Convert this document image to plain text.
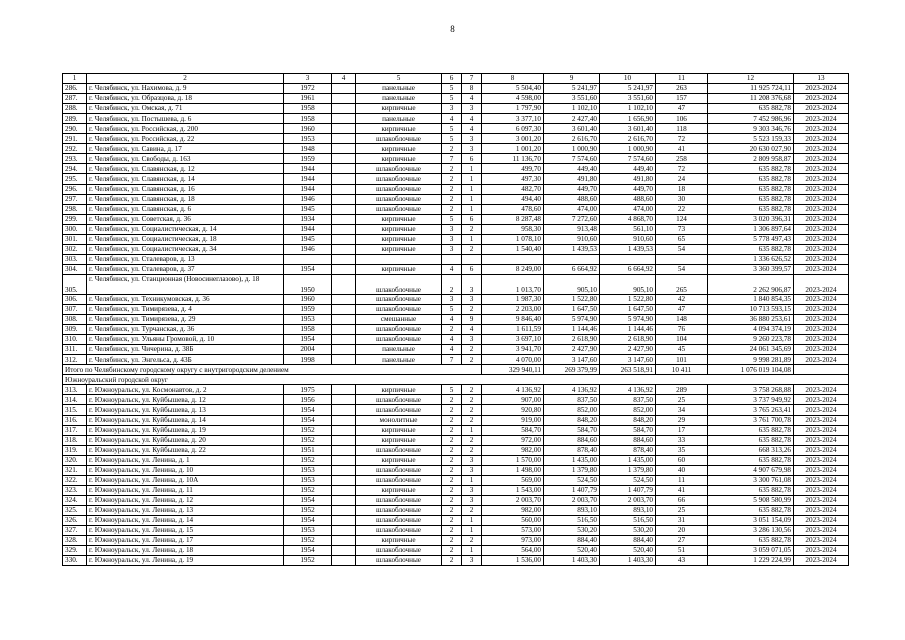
8
1	2	3	4	5	6	7	8	9	10	11	12	13
286.	г. Челябинск, ул. Нахимова, д. 9	1972		панельные	5	8	5 504,40	5 241,97	5 241,97	263	11 925 724,11	2023-2024
287.	г. Челябинск, ул. Образцова, д. 18	1961		панельные	5	4	4 598,00	3 551,60	3 551,60	157	11 208 376,68	2023-2024
288.	г. Челябинск, ул. Омская, д. 71	1958		кирпичные	3	3	1 797,90	1 102,10	1 102,10	47	635 882,78	2023-2024
289.	г. Челябинск, ул. Постышева, д. 6	1958		панельные	4	4	3 377,10	2 427,40	1 656,90	106	7 452 986,96	2023-2024
290.	г. Челябинск, ул. Российская, д. 200	1960		кирпичные	5	4	6 097,30	3 601,40	3 601,40	118	9 303 346,76	2023-2024
291.	г. Челябинск, ул. Российская, д. 22	1953		шлакоблочные	5	3	3 001,20	2 616,70	2 616,70	72	5 523 159,33	2023-2024
292.	г. Челябинск, ул. Савина, д. 17	1948		кирпичные	2	3	1 001,20	1 000,90	1 000,90	41	20 630 027,90	2023-2024
293.	г. Челябинск, ул. Свободы, д. 163	1959		кирпичные	7	6	11 136,70	7 574,60	7 574,60	258	2 809 958,87	2023-2024
294.	г. Челябинск, ул. Славянская, д. 12	1944		шлакоблочные	2	1	499,70	449,40	449,40	72	635 882,78	2023-2024
295.	г. Челябинск, ул. Славянская, д. 14	1944		шлакоблочные	2	1	497,30	491,80	491,80	24	635 882,78	2023-2024
296.	г. Челябинск, ул. Славянская, д. 16	1944		шлакоблочные	2	1	482,70	449,70	449,70	18	635 882,78	2023-2024
297.	г. Челябинск, ул. Славянская, д. 18	1946		шлакоблочные	2	1	494,40	488,60	488,60	30	635 882,78	2023-2024
298.	г. Челябинск, ул. Славянская, д. 6	1945		шлакоблочные	2	1	478,60	474,00	474,00	22	635 882,78	2023-2024
299.	г. Челябинск, ул. Советская, д. 36	1934		кирпичные	5	6	8 287,48	7 272,60	4 868,70	124	3 020 396,31	2023-2024
300.	г. Челябинск, ул. Социалистическая, д. 14	1944		кирпичные	3	2	958,30	913,48	561,10	73	1 306 897,64	2023-2024
301.	г. Челябинск, ул. Социалистическая, д. 18	1945		кирпичные	3	1	1 078,10	910,60	910,60	65	5 778 497,43	2023-2024
302.	г. Челябинск, ул. Социалистическая, д. 34	1946		кирпичные	3	2	1 540,40	1 439,53	1 439,53	54	635 882,78	2023-2024
303.	г. Челябинск, ул. Сталеваров, д. 13										1 336 626,52	2023-2024
304.	г. Челябинск, ул. Сталеваров, д. 37	1954		кирпичные	4	6	8 249,00	6 664,92	6 664,92	54	3 360 399,57	2023-2024
305.	г. Челябинск, ул. Станционная (Новосинеглазово), д. 18	1950		шлакоблочные	2	3	1 013,70	905,10	905,10	265	2 262 906,87	2023-2024
306.	г. Челябинск, ул. Техникумовская, д. 36	1960		шлакоблочные	3	3	1 987,30	1 522,80	1 522,80	42	1 840 854,35	2023-2024
307.	г. Челябинск, ул. Тимирязева, д. 4	1959		шлакоблочные	5	2	2 203,00	1 647,50	1 647,50	47	10 713 593,15	2023-2024
308.	г. Челябинск, ул. Тимирязева, д. 29	1953		смешанные	4	9	9 846,40	5 974,90	5 974,90	148	36 880 253,61	2023-2024
309.	г. Челябинск, ул. Турчанская, д. 36	1958		шлакоблочные	2	4	1 611,59	1 144,46	1 144,46	76	4 094 374,19	2023-2024
310.	г. Челябинск, ул. Ульяны Громовой, д. 10	1954		шлакоблочные	4	3	3 697,10	2 618,90	2 618,90	104	9 260 223,78	2023-2024
311.	г. Челябинск, ул. Чичерина, д. 38Б	2004		панельные	4	2	3 941,70	2 427,90	2 427,90	45	24 061 345,69	2023-2024
312.	г. Челябинск, ул. Энгельса, д. 43Б	1998		панельные	7	2	4 070,00	3 147,60	3 147,60	101	9 998 281,89	2023-2024
Итого по Челябинскому городскому округу с внутригородским делением							329 940,11	269 379,99	263 518,91	10 411	1 076 019 104,08	
Южноуральский городской округ												
313.	г. Южноуральск, ул. Космонавтов, д. 2	1975		кирпичные	5	2	4 136,92	4 136,92	4 136,92	289	3 758 268,88	2023-2024
314.	г. Южноуральск, ул. Куйбышева, д. 12	1956		шлакоблочные	2	2	907,00	837,50	837,50	25	3 737 949,92	2023-2024
315.	г. Южноуральск, ул. Куйбышева, д. 13	1954		шлакоблочные	2	2	920,80	852,00	852,00	34	3 765 263,41	2023-2024
316.	г. Южноуральск, ул. Куйбышева, д. 14	1954		монолитные	2	2	919,00	848,20	848,20	29	3 761 700,78	2023-2024
317.	г. Южноуральск, ул. Куйбышева, д. 19	1952		кирпичные	2	1	584,70	584,70	584,70	17	635 882,78	2023-2024
318.	г. Южноуральск, ул. Куйбышева, д. 20	1952		кирпичные	2	2	972,00	884,60	884,60	33	635 882,78	2023-2024
319.	г. Южноуральск, ул. Куйбышева, д. 22	1951		шлакоблочные	2	2	982,00	878,40	878,40	35	668 313,26	2023-2024
320.	г. Южноуральск, ул. Ленина, д. 1	1952		кирпичные	2	3	1 570,00	1 435,00	1 435,00	60	635 882,78	2023-2024
321.	г. Южноуральск, ул. Ленина, д. 10	1953		шлакоблочные	2	3	1 498,00	1 379,80	1 379,80	40	4 907 679,98	2023-2024
322.	г. Южноуральск, ул. Ленина, д. 10А	1953		шлакоблочные	2	1	569,00	524,50	524,50	11	3 300 761,08	2023-2024
323.	г. Южноуральск, ул. Ленина, д. 11	1952		кирпичные	2	3	1 543,00	1 407,79	1 407,79	41	635 882,78	2023-2024
324.	г. Южноуральск, ул. Ленина, д. 12	1954		шлакоблочные	2	3	2 003,70	2 003,70	2 003,70	66	5 908 580,99	2023-2024
325.	г. Южноуральск, ул. Ленина, д. 13	1952		шлакоблочные	2	2	982,00	893,10	893,10	25	635 882,78	2023-2024
326.	г. Южноуральск, ул. Ленина, д. 14	1954		шлакоблочные	2	1	560,00	516,50	516,50	31	3 051 154,09	2023-2024
327.	г. Южноуральск, ул. Ленина, д. 15	1953		шлакоблочные	2	1	573,00	530,20	530,20	20	3 286 130,56	2023-2024
328.	г. Южноуральск, ул. Ленина, д. 17	1952		кирпичные	2	2	973,00	884,40	884,40	27	635 882,78	2023-2024
329.	г. Южноуральск, ул. Ленина, д. 18	1954		шлакоблочные	2	1	564,00	520,40	520,40	51	3 059 071,05	2023-2024
330.	г. Южноуральск, ул. Ленина, д. 19	1952		шлакоблочные	2	3	1 536,00	1 403,30	1 403,30	43	1 229 224,99	2023-2024
